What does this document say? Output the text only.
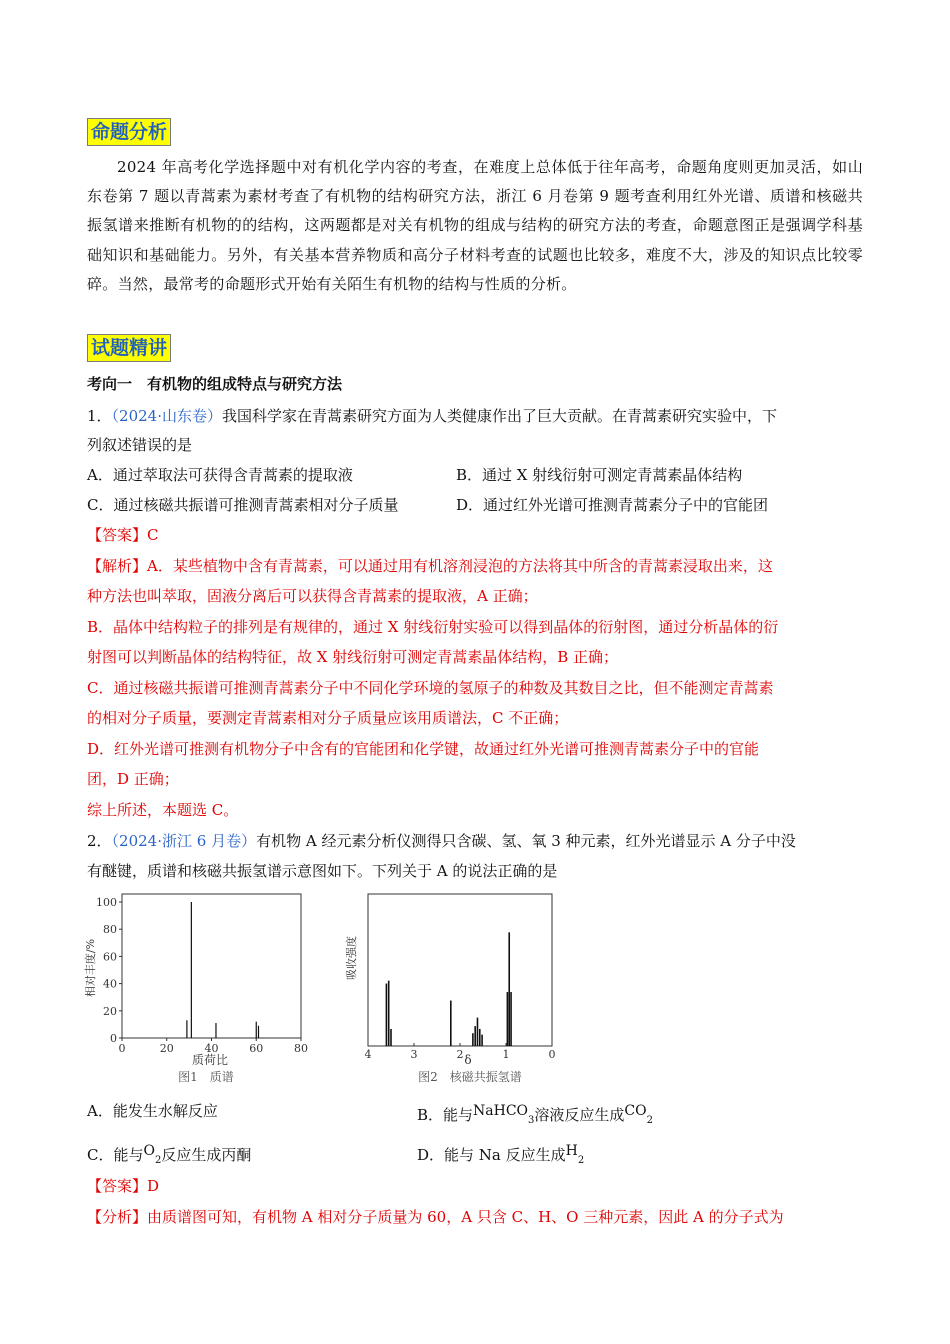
命题分析
2024 年高考化学选择题中对有机化学内容的考查，在难度上总体低于往年高考，命题角度则更加灵活，如山东卷第 7 题以青蒿素为素材考查了有机物的结构研究方法，浙江 6 月卷第 9 题考查利用红外光谱、质谱和核磁共振氢谱来推断有机物的的结构，这两题都是对关有机物的组成与结构的研究方法的考查，命题意图正是强调学科基础知识和基础能力。另外，有关基本营养物质和高分子材料考查的试题也比较多，难度不大，涉及的知识点比较零碎。当然，最常考的命题形式开始有关陌生有机物的结构与性质的分析。
试题精讲
考向一　有机物的组成特点与研究方法
1．（2024·山东卷）我国科学家在青蒿素研究方面为人类健康作出了巨大贡献。在青蒿素研究实验中，下
列叙述错误的是
A．通过萃取法可获得含青蒿素的提取液	B．通过 X 射线衍射可测定青蒿素晶体结构
C．通过核磁共振谱可推测青蒿素相对分子质量	D．通过红外光谱可推测青蒿素分子中的官能团
【答案】C
【解析】A．某些植物中含有青蒿素，可以通过用有机溶剂浸泡的方法将其中所含的青蒿素浸取出来，这
种方法也叫萃取，固液分离后可以获得含青蒿素的提取液，A 正确；
B．晶体中结构粒子的排列是有规律的，通过 X 射线衍射实验可以得到晶体的衍射图，通过分析晶体的衍
射图可以判断晶体的结构特征，故 X 射线衍射可测定青蒿素晶体结构，B 正确；
C．通过核磁共振谱可推测青蒿素分子中不同化学环境的氢原子的种数及其数目之比，但不能测定青蒿素
的相对分子质量，要测定青蒿素相对分子质量应该用质谱法，C 不正确；
D．红外光谱可推测有机物分子中含有的官能团和化学键，故通过红外光谱可推测青蒿素分子中的官能
团，D 正确；
综上所述，本题选 C。
2．（2024·浙江 6 月卷）有机物 A 经元素分析仪测得只含碳、氢、氧 3 种元素，红外光谱显示 A 分子中没
有醚键，质谱和核磁共振氢谱示意图如下。下列关于 A 的说法正确的是
0	20	40	60	80
0
20
40
60
80
100
相对丰度/%
质荷比
图1　质谱
4	3	2	1	0
吸收强度
δ
图2　核磁共振氢谱
A．能发生水解反应	B．能与NaHCO$_3$溶液反应生成$CO_2$
C．能与$O_2$反应生成丙酮	D．能与 Na 反应生成$H_2$
【答案】D
【分析】由质谱图可知，有机物 A 相对分子质量为 60，A 只含 C、H、O 三种元素，因此 A 的分子式为
